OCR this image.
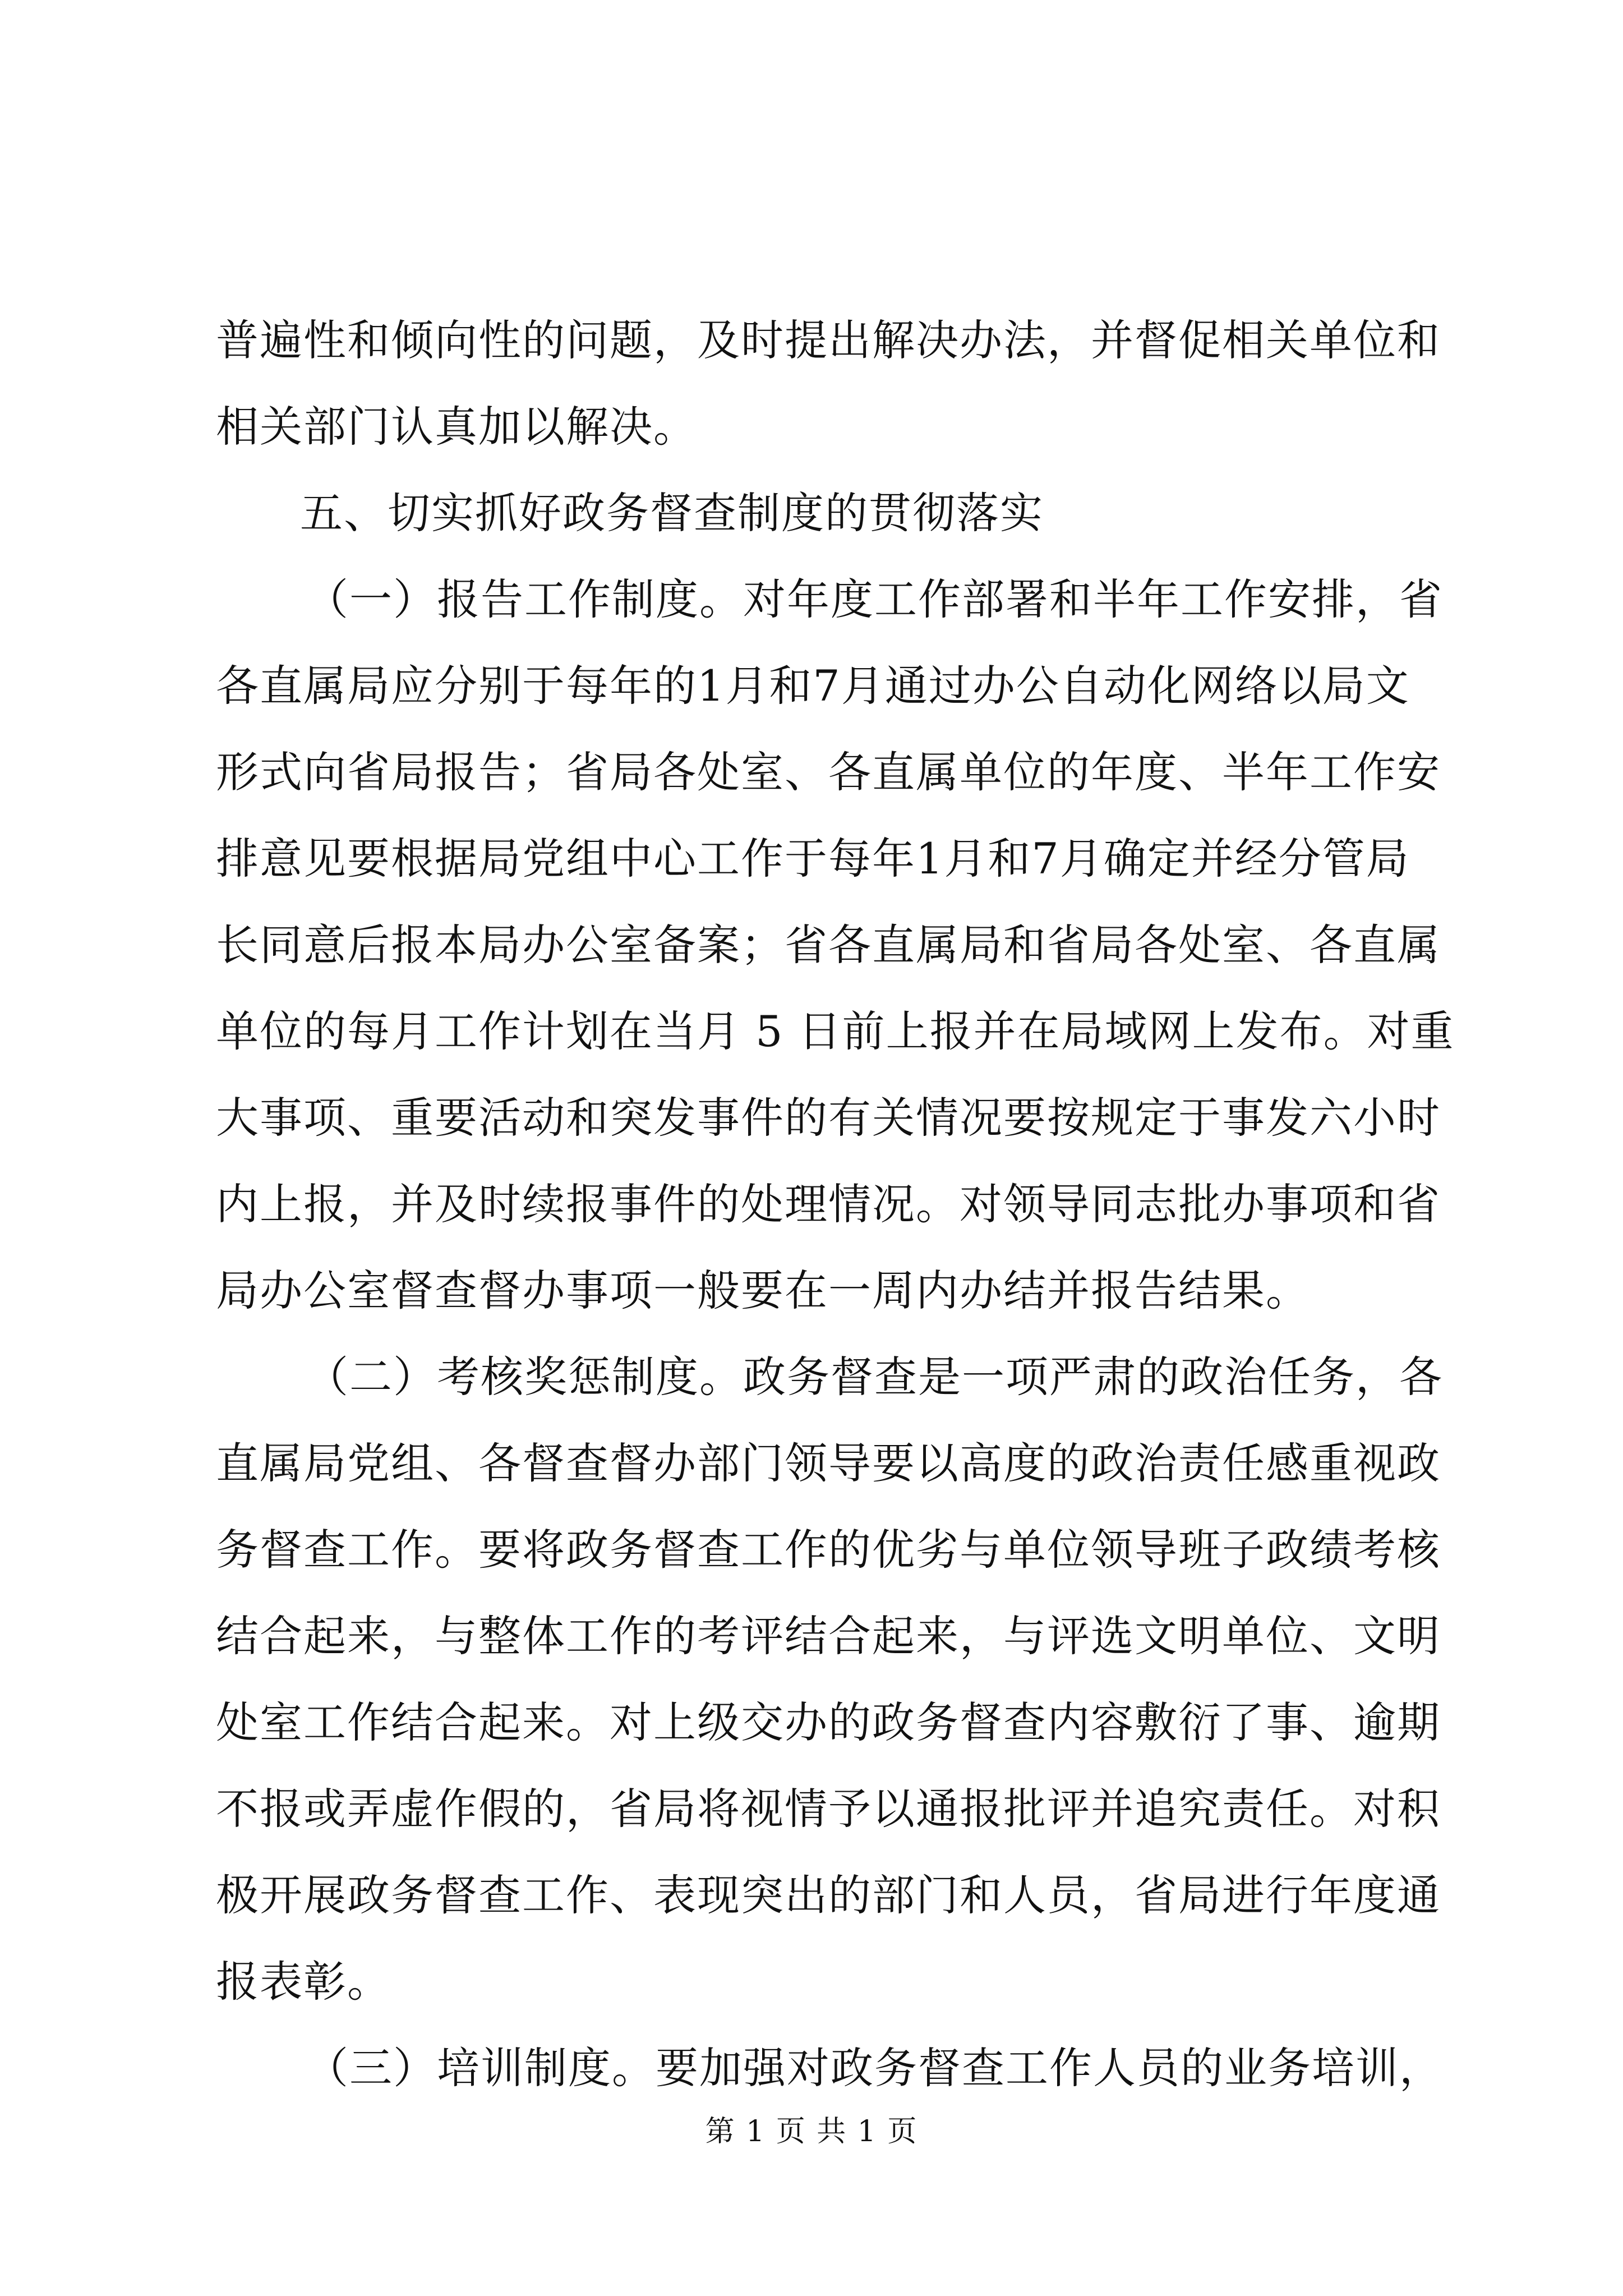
普遍性和倾向性的问题，及时提出解决办法，并督促相关单位和
相关部门认真加以解决。
五、切实抓好政务督查制度的贯彻落实
（一）报告工作制度。对年度工作部署和半年工作安排，省
各直属局应分别于每年的1月和7月通过办公自动化网络以局文
形式向省局报告；省局各处室、各直属单位的年度、半年工作安
排意见要根据局党组中心工作于每年1月和7月确定并经分管局
长同意后报本局办公室备案；省各直属局和省局各处室、各直属
单位的每月工作计划在当月 5 日前上报并在局域网上发布。对重
大事项、重要活动和突发事件的有关情况要按规定于事发六小时
内上报，并及时续报事件的处理情况。对领导同志批办事项和省
局办公室督查督办事项一般要在一周内办结并报告结果。
（二）考核奖惩制度。政务督查是一项严肃的政治任务，各
直属局党组、各督查督办部门领导要以高度的政治责任感重视政
务督查工作。要将政务督查工作的优劣与单位领导班子政绩考核
结合起来，与整体工作的考评结合起来，与评选文明单位、文明
处室工作结合起来。对上级交办的政务督查内容敷衍了事、逾期
不报或弄虚作假的，省局将视情予以通报批评并追究责任。对积
极开展政务督查工作、表现突出的部门和人员，省局进行年度通
报表彰。
（三）培训制度。要加强对政务督查工作人员的业务培训，
第 1 页 共 1 页
